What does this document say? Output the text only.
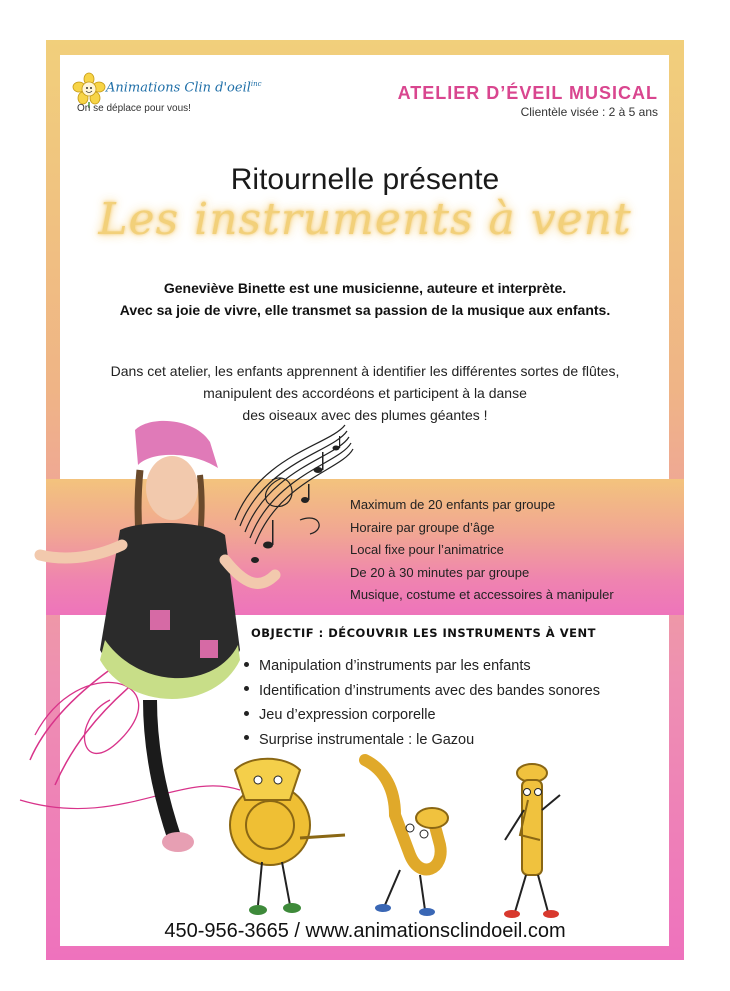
Animations Clin d'oeil$^{inc}$
On se déplace pour vous!
ATELIER D’ÉVEIL MUSICAL
Clientèle visée : 2 à 5 ans
Ritournelle présente
Les instruments à vent
Geneviève Binette est une musicienne, auteure et interprète.
Avec sa joie de vivre, elle transmet sa passion de la musique aux enfants.
Dans cet atelier, les enfants apprennent à identifier les différentes sortes de flûtes,
manipulent des accordéons et participent à la danse
des oiseaux avec des plumes géantes !
Maximum de 20 enfants par groupe
Horaire par groupe d’âge
Local fixe pour l’animatrice
De 20 à 30 minutes par groupe
Musique, costume et accessoires à manipuler
OBJECTIF : DÉCOUVRIR LES INSTRUMENTS À VENT
Manipulation d’instruments par les enfants
Identification d’instruments avec des bandes sonores
Jeu d’expression corporelle
Surprise instrumentale : le Gazou
450-956-3665 / www.animationsclindoeil.com
